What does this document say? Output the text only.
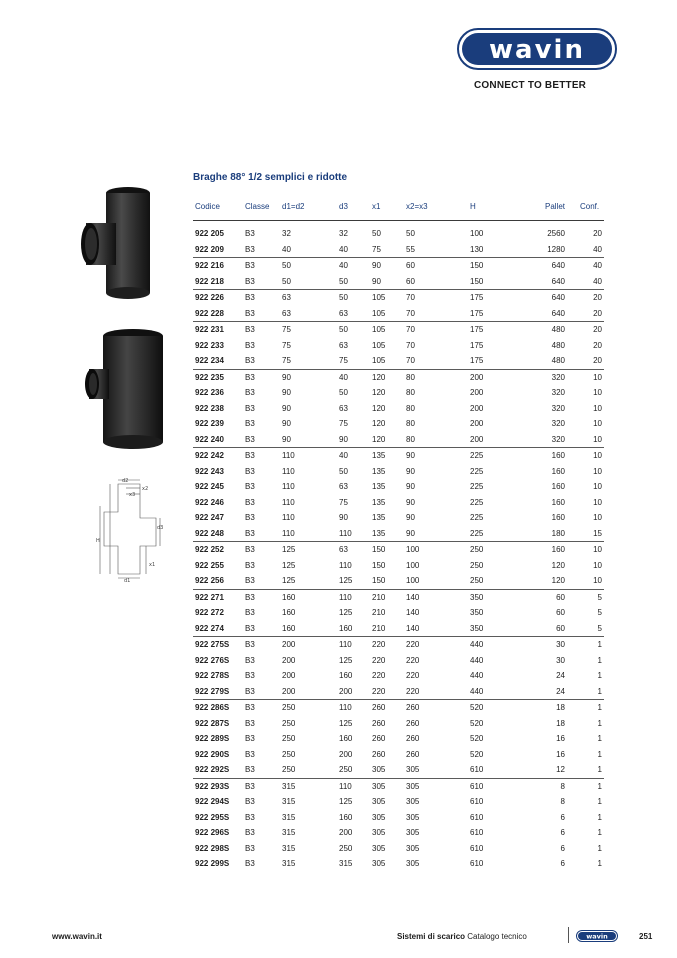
wavin
CONNECT TO BETTER
Braghe 88° 1/2 semplici e ridotte
Codice	Classe d1=d2	d3	x1	x2=x3	H	Pallet Conf.
922 205	B3	32	32	50	50	100	2560	20
922 209	B3	40	40	75	55	130	1280	40
922 216	B3	50	40	90	60	150	640	40
922 218	B3	50	50	90	60	150	640	40
922 226	B3	63	50	105	70	175	640	20
922 228	B3	63	63	105	70	175	640	20
922 231	B3	75	50	105	70	175	480	20
922 233	B3	75	63	105	70	175	480	20
922 234	B3	75	75	105	70	175	480	20
922 235	B3	90	40	120	80	200	320	10
922 236	B3	90	50	120	80	200	320	10
922 238	B3	90	63	120	80	200	320	10
922 239	B3	90	75	120	80	200	320	10
922 240	B3	90	90	120	80	200	320	10
922 242	B3	110	40	135	90	225	160	10
922 243	B3	110	50	135	90	225	160	10
922 245	B3	110	63	135	90	225	160	10
922 246	B3	110	75	135	90	225	160	10
922 247	B3	110	90	135	90	225	160	10
922 248	B3	110	110	135	90	225	180	15
922 252	B3	125	63	150	100	250	160	10
922 255	B3	125	110	150	100	250	120	10
922 256	B3	125	125 150	100	250	120	10
922 271	B3	160	110	210	140	350	60	5
922 272	B3	160	125 210	140	350	60	5
922 274	B3	160	160 210	140	350	60	5
922 275S B3	200	110	220	220	440	30	1
922 276S B3	200	125 220	220	440	30	1
922 278S B3	200	160 220	220	440	24	1
922 279S B3	200	200 220	220	440	24	1
922 286S B3	250	110	260	260	520	18	1
922 287S B3	250	125 260	260	520	18	1
922 289S B3	250	160 260	260	520	16	1
922 290S B3	250	200 260	260	520	16	1
922 292S B3	250	250 305	305	610	12	1
922 293S B3	315	110	305	305	610	8	1
922 294S B3	315	125 305	305	610	8	1
922 295S B3	315	160 305	305	610	6	1
922 296S B3	315	200 305	305	610	6	1
922 298S B3	315	250 305	305	610	6	1
922 299S B3	315	315 305	305	610	6	1
d2
x3
x2
d3
H
x1
d1
www.wavin.it	Sistemi di scarico Catalogo tecnico	wavin	251
